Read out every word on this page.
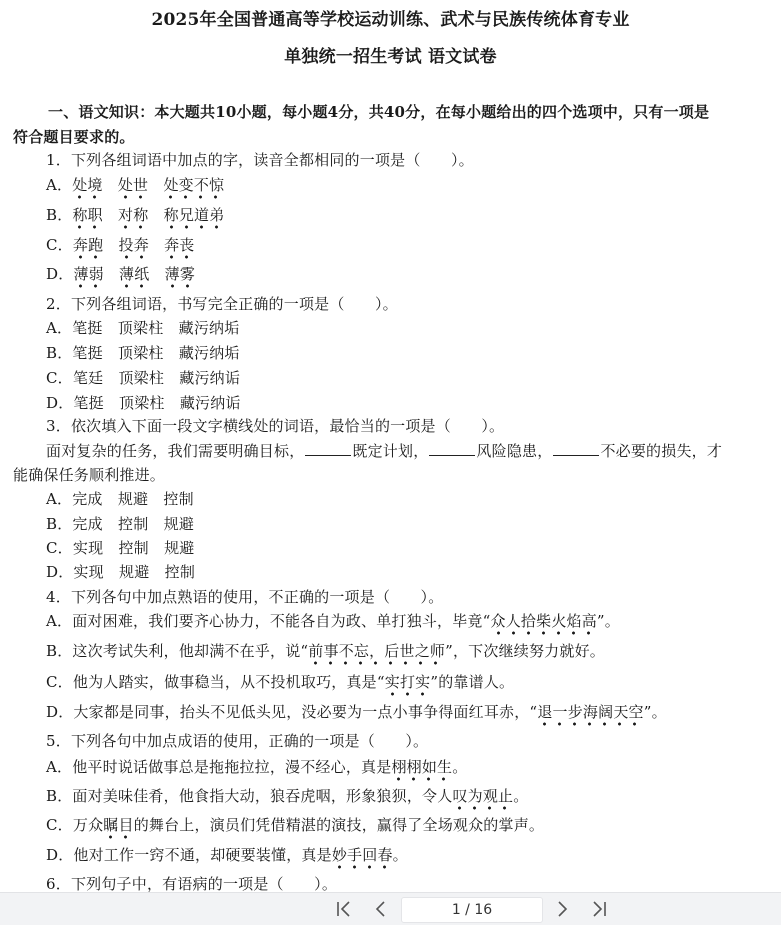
2025年全国普通高等学校运动训练、武术与民族传统体育专业
单独统一招生考试 语文试卷
一、语文知识：本大题共10小题，每小题4分，共40分，在每小题给出的四个选项中，只有一项是
符合题目要求的。
1．下列各组词语中加点的字，读音全都相同的一项是（　　）。
A．处境　 处世　 处变不惊
B．称职　 对称　 称兄道弟
C．奔跑　 投奔　 奔丧
D．薄弱　 薄纸　 薄雾
2．下列各组词语，书写完全正确的一项是（　　）。
A．笔挺　顶梁柱　藏污纳垢
B．笔挺　顶梁柱　藏污纳垢
C．笔廷　顶梁柱　藏污纳诟
D．笔挺　顶梁柱　藏污纳诟
3．依次填入下面一段文字横线处的词语，最恰当的一项是（　　）。
面对复杂的任务，我们需要明确目标，	既定计划，	风险隐患，	不必要的损失，才
能确保任务顺利推进。
A．完成　规避　控制
B．完成　控制　规避
C．实现　控制　规避
D．实现　规避　控制
4．下列各句中加点熟语的使用，不正确的一项是（　　）。
A．面对困难，我们要齐心协力，不能各自为政、单打独斗，毕竟“众人拾柴火焰高”。
B．这次考试失利，他却满不在乎，说“前事不忘，后世之师”，下次继续努力就好。
C．他为人踏实，做事稳当，从不投机取巧，真是“实打实”的靠谱人。
D．大家都是同事，抬头不见低头见，没必要为一点小事争得面红耳赤，“退一步海阔天空”。
5．下列各句中加点成语的使用，正确的一项是（　　）。
A．他平时说话做事总是拖拖拉拉，漫不经心，真是栩栩如生。
B．面对美味佳肴，他食指大动，狼吞虎咽，形象狼狈，令人叹为观止。
C．万众瞩目的舞台上，演员们凭借精湛的演技，赢得了全场观众的掌声。
D．他对工作一窍不通，却硬要装懂，真是妙手回春。
6．下列句子中，有语病的一项是（　　）。
1 / 16
